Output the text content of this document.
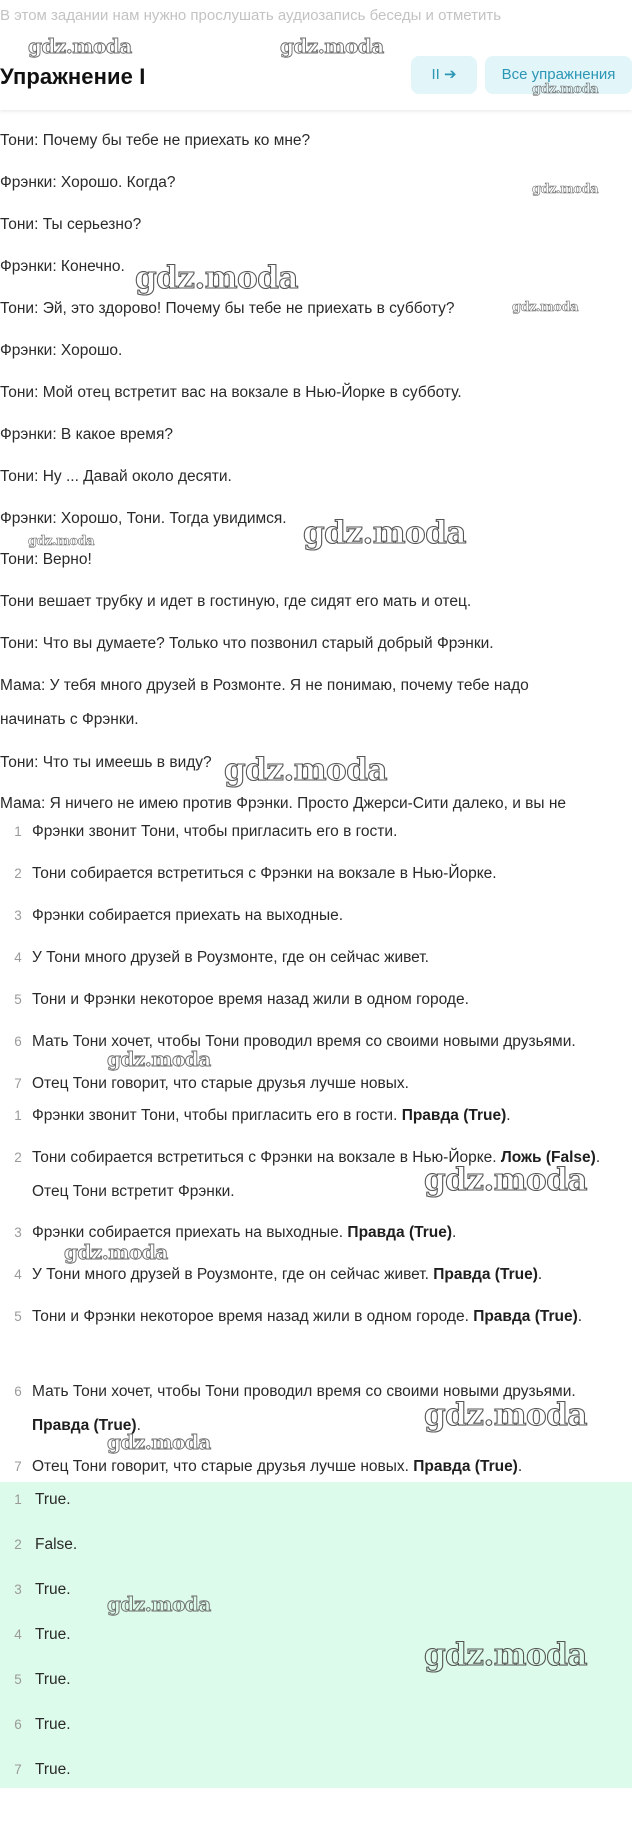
В этом задании нам нужно прослушать аудиозапись беседы и отметить
Тони: Почему бы тебе не приехать ко мне?
Фрэнки: Хорошо. Когда?
Тони: Ты серьезно?
Фрэнки: Конечно.
Тони: Эй, это здорово! Почему бы тебе не приехать в субботу?
Фрэнки: Хорошо.
Тони: Мой отец встретит вас на вокзале в Нью-Йорке в субботу.
Фрэнки: В какое время?
Тони: Ну ... Давай около десяти.
Фрэнки: Хорошо, Тони. Тогда увидимся.
Тони: Верно!
Тони вешает трубку и идет в гостиную, где сидят его мать и отец.
Тони: Что вы думаете? Только что позвонил старый добрый Фрэнки.
Мама: У тебя много друзей в Розмонте. Я не понимаю, почему тебе надо начинать с Фрэнки.
Тони: Что ты имеешь в виду?
Мама: Я ничего не имею против Фрэнки. Просто Джерси-Сити далеко, и вы не
1 Фрэнки звонит Тони, чтобы пригласить его в гости.
2 Тони собирается встретиться с Фрэнки на вокзале в Нью-Йорке.
3 Фрэнки собирается приехать на выходные.
4 У Тони много друзей в Роузмонте, где он сейчас живет.
5 Тони и Фрэнки некоторое время назад жили в одном городе.
6 Мать Тони хочет, чтобы Тони проводил время со своими новыми друзьями.
7 Отец Тони говорит, что старые друзья лучше новых.
1 Фрэнки звонит Тони, чтобы пригласить его в гости. Правда (True).
2 Тони собирается встретиться с Фрэнки на вокзале в Нью-Йорке. Ложь (False). Отец Тони встретит Фрэнки.
3 Фрэнки собирается приехать на выходные. Правда (True).
4 У Тони много друзей в Роузмонте, где он сейчас живет. Правда (True).
5 Тони и Фрэнки некоторое время назад жили в одном городе. Правда (True).
6 Мать Тони хочет, чтобы Тони проводил время со своими новыми друзьями. Правда (True).
7 Отец Тони говорит, что старые друзья лучше новых. Правда (True).
1 True.
2 False.
3 True.
4 True.
5 True.
6 True.
7 True.
Упражнение I	II ➔	Все упражнения
gdz.moda	gdz.moda
gdz.moda
gdz.moda
gdz.moda
gdz.moda
gdz.moda
gdz.moda
gdz.moda
gdz.moda
gdz.moda
gdz.moda
gdz.moda
gdz.moda
gdz.moda
gdz.moda
